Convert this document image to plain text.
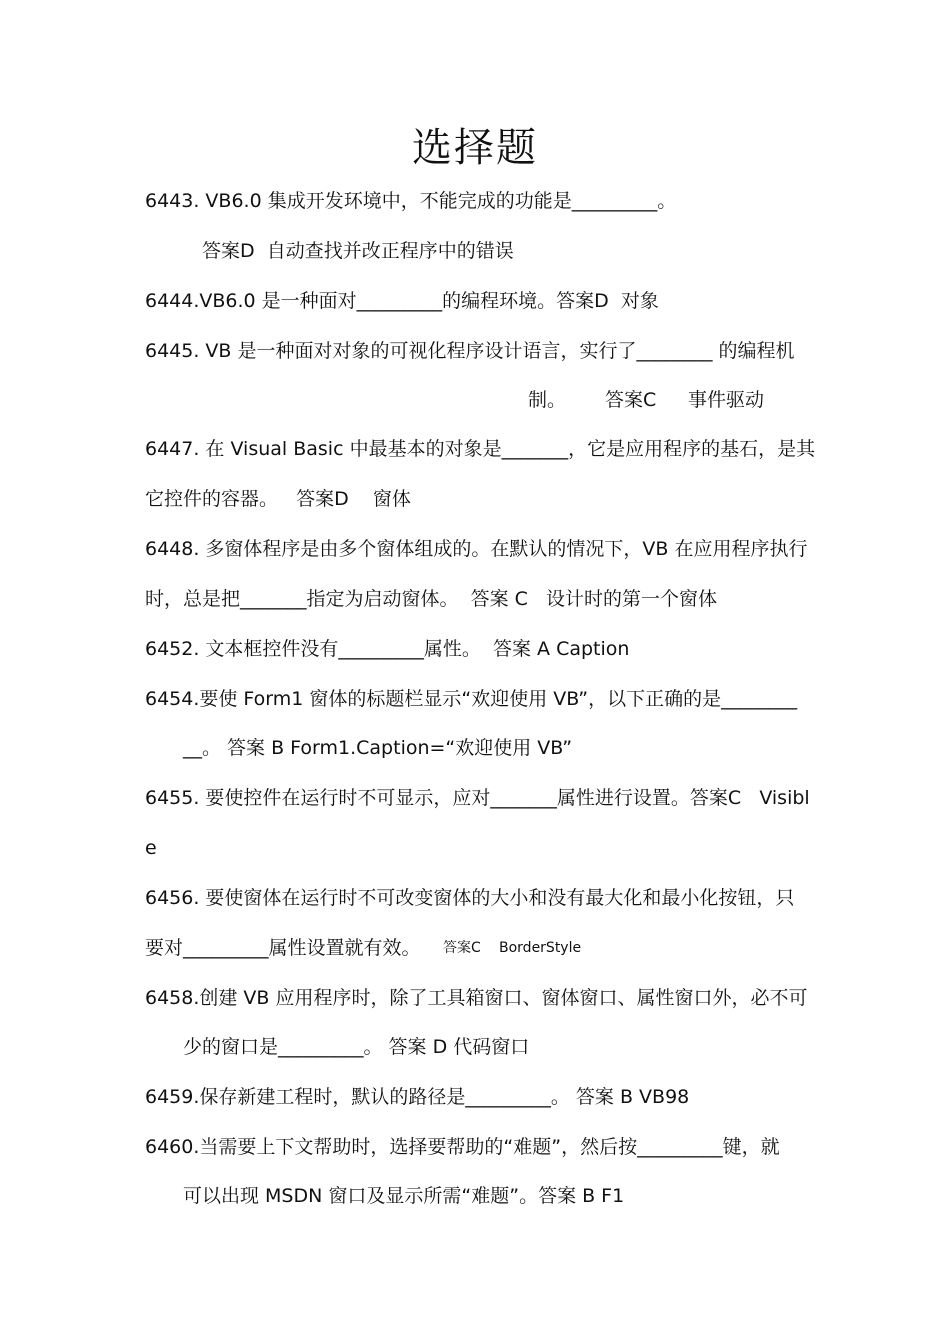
选择题
6443. VB6.0 集成开发环境中，不能完成的功能是_________。
答案D  自动查找并改正程序中的错误
6444.VB6.0 是一种面对_________的编程环境。答案D  对象
6445. VB 是一种面对对象的可视化程序设计语言，实行了________ 的编程机
制。 答案C 事件驱动
6447. 在 Visual Basic 中最基本的对象是_______，它是应用程序的基石，是其
它控件的容器。   答案D    窗体
6448. 多窗体程序是由多个窗体组成的。在默认的情况下，VB 在应用程序执行
时，总是把_______指定为启动窗体。  答案 C   设计时的第一个窗体
6452. 文本框控件没有_________属性。  答案 A Caption
6454.要使 Form1 窗体的标题栏显示“欢迎使用 VB”，以下正确的是________
__。 答案 B Form1.Caption=“欢迎使用 VB”
6455. 要使控件在运行时不可显示，应对_______属性进行设置。答案C   Visibl
e
6456. 要使窗体在运行时不可改变窗体的大小和没有最大化和最小化按钮，只
要对_________属性设置就有效。 答案C BorderStyle
6458.创建 VB 应用程序时，除了工具箱窗口、窗体窗口、属性窗口外，必不可
少的窗口是_________。 答案 D 代码窗口
6459.保存新建工程时，默认的路径是_________。 答案 B VB98
6460.当需要上下文帮助时，选择要帮助的“难题”，然后按_________键，就
可以出现 MSDN 窗口及显示所需“难题”。答案 B F1
